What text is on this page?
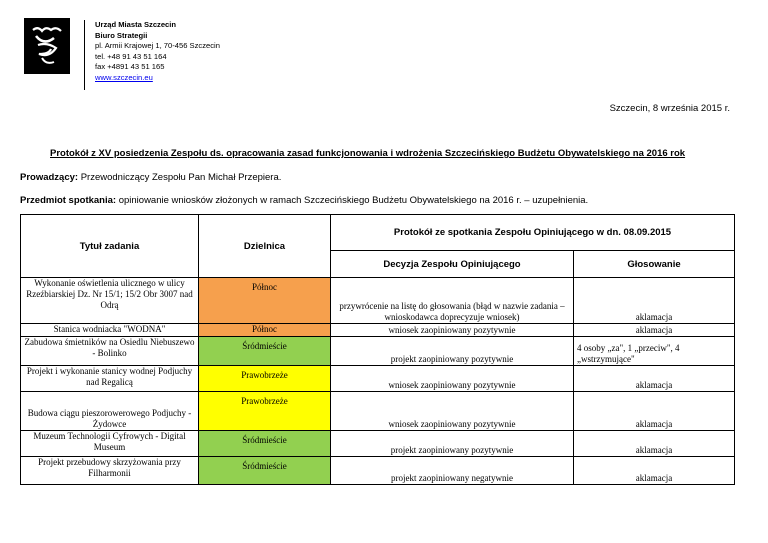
Urząd Miasta Szczecin
Biuro Strategii
pl. Armii Krajowej 1, 70-456 Szczecin
tel. +48 91 43 51 164
fax +4891 43 51 165
www.szczecin.eu
Szczecin, 8 września 2015 r.
Protokół z XV posiedzenia Zespołu ds. opracowania zasad funkcjonowania i wdrożenia Szczecińskiego Budżetu Obywatelskiego na 2016 rok
Prowadzący: Przewodniczący Zespołu Pan Michał Przepiera.
Przedmiot spotkania: opiniowanie wniosków złożonych w ramach Szczecińskiego Budżetu Obywatelskiego na 2016 r. – uzupełnienia.
Tytuł zadania	Dzielnica	Protokół ze spotkania Zespołu Opiniującego w dn. 08.09.2015	
		Decyzja Zespołu Opiniującego	Głosowanie
Wykonanie oświetlenia ulicznego w ulicy Rzeźbiarskiej Dz. Nr 15/1; 15/2 Obr 3007 nad Odrą	Północ	przywrócenie na listę do głosowania (błąd w nazwie zadania – wnioskodawca doprecyzuje wniosek)	aklamacja
Stanica wodniacka "WODNA"	Północ	wniosek zaopiniowany pozytywnie	aklamacja
Zabudowa śmietników na Osiedlu Niebuszewo - Bolinko	Śródmieście	projekt zaopiniowany pozytywnie	4 osoby „za", 1 „przeciw", 4 „wstrzymujące"
Projekt i wykonanie stanicy wodnej Podjuchy nad Regalicą	Prawobrzeże	wniosek zaopiniowany pozytywnie	aklamacja
Budowa ciągu pieszorowerowego Podjuchy - Żydowce	Prawobrzeże	wniosek zaopiniowany pozytywnie	aklamacja
Muzeum Technologii Cyfrowych - Digital Museum	Śródmieście	projekt zaopiniowany pozytywnie	aklamacja
Projekt przebudowy skrzyżowania przy Filharmonii	Śródmieście	projekt zaopiniowany negatywnie	aklamacja
